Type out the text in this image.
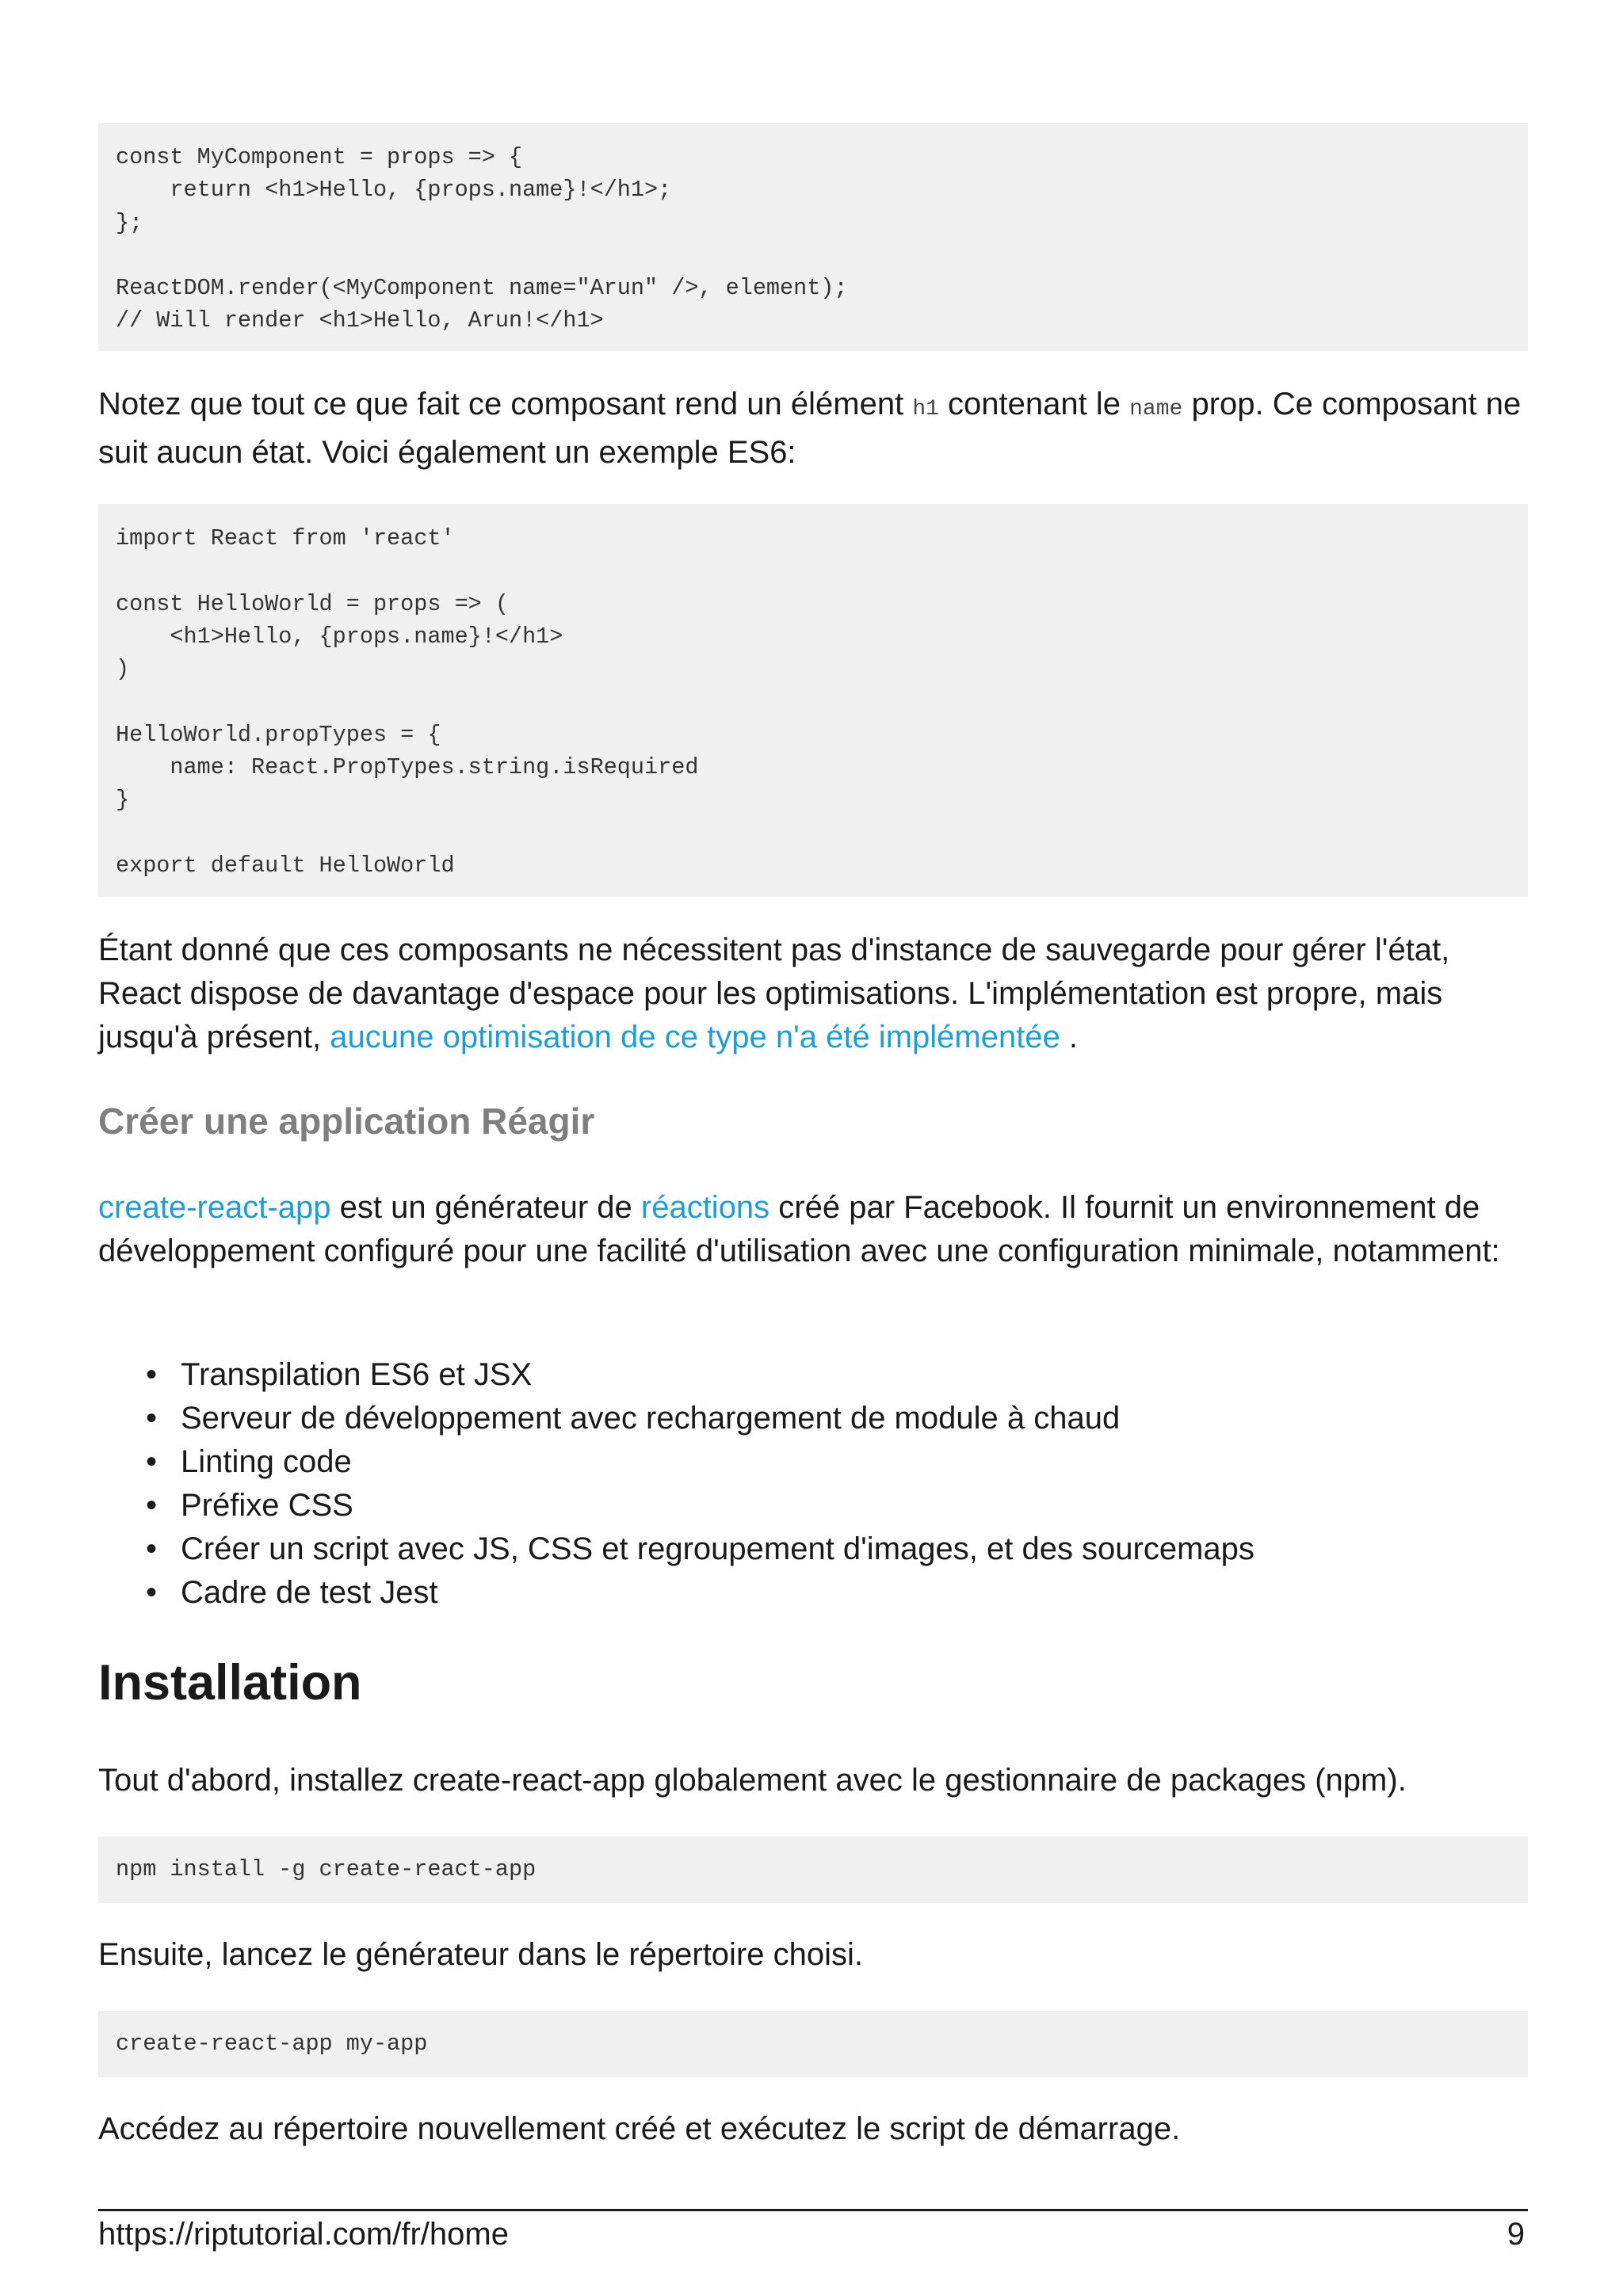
const MyComponent = props => {
return <h1>Hello, {props.name}!</h1>;
};

ReactDOM.render(<MyComponent name="Arun" />, element);
// Will render <h1>Hello, Arun!</h1>

Notez que tout ce que fait ce composant rend un élément h1 contenant le name prop. Ce composant ne suit aucun état. Voici également un exemple ES6:

import React from 'react'

const HelloWorld = props => (
<h1>Hello, {props.name}!</h1>
)

HelloWorld.propTypes = {
name: React.PropTypes.string.isRequired
}

export default HelloWorld

Étant donné que ces composants ne nécessitent pas d'instance de sauvegarde pour gérer l'état, React dispose de davantage d'espace pour les optimisations. L'implémentation est propre, mais jusqu'à présent, aucune optimisation de ce type n'a été implémentée .

Créer une application Réagir

create-react-app est un générateur de réactions créé par Facebook. Il fournit un environnement de développement configuré pour une facilité d'utilisation avec une configuration minimale, notamment:

• Transpilation ES6 et JSX
• Serveur de développement avec rechargement de module à chaud
• Linting code
• Préfixe CSS
• Créer un script avec JS, CSS et regroupement d'images, et des sourcemaps
• Cadre de test Jest
Installation

Tout d'abord, installez create-react-app globalement avec le gestionnaire de packages (npm).

npm install -g create-react-app

Ensuite, lancez le générateur dans le répertoire choisi.

create-react-app my-app

Accédez au répertoire nouvellement créé et exécutez le script de démarrage.

https://riptutorial.com/fr/home	9
